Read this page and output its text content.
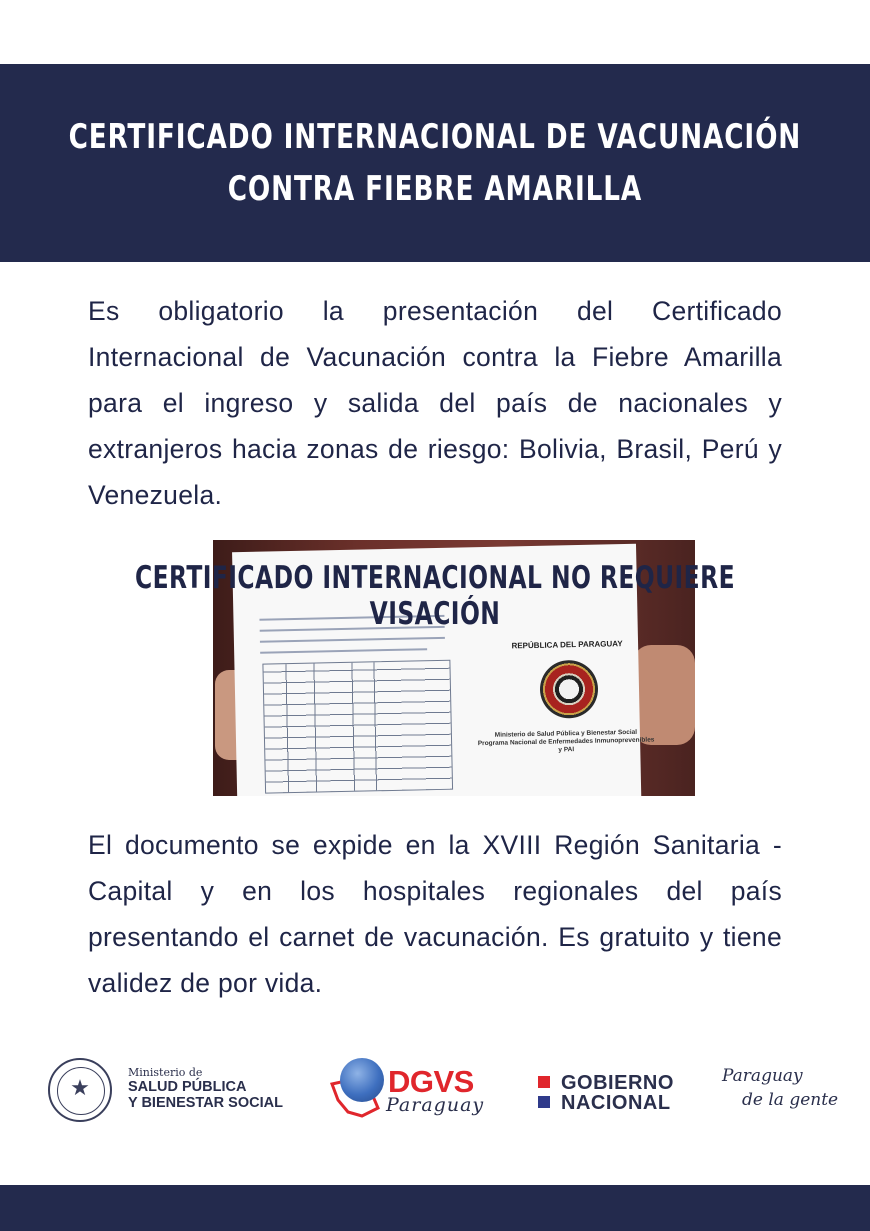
CERTIFICADO INTERNACIONAL DE VACUNACIÓN
CONTRA FIEBRE AMARILLA

Es obligatorio la presentación del Certificado Internacional de Vacunación contra la Fiebre Amarilla para el ingreso y salida del país de nacionales y extranjeros hacia zonas de riesgo: Bolivia, Brasil, Perú y Venezuela.

REPÚBLICA DEL PARAGUAY
Ministerio de Salud Pública y Bienestar Social
Programa Nacional de Enfermedades Inmunoprevenibles y PAI
CERTIFICADO INTERNACIONAL NO REQUIERE VISACIÓN

El documento se expide en la XVIII Región Sanitaria - Capital y en los hospitales regionales del país presentando el carnet de vacunación. Es gratuito y tiene validez de por vida.

★
Ministerio de
SALUD PÚBLICA
Y BIENESTAR SOCIAL
DGVS
Paraguay
GOBIERNO
NACIONAL
Paraguay
de la gente
